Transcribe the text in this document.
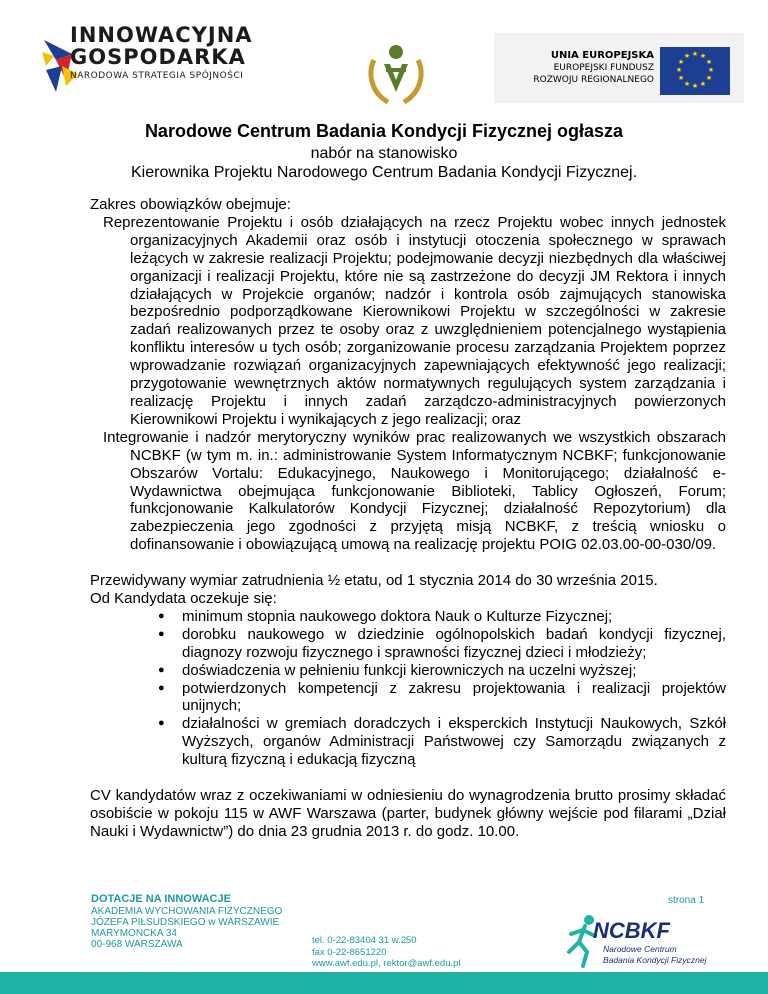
INNOWACYJNA
GOSPODARKA
NARODOWA STRATEGIA SPÓJNOŚCI
UNIA EUROPEJSKA
EUROPEJSKI FUNDUSZ
ROZWOJU REGIONALNEGO
★ ★
★
★
★
★
★
★
★
★
★
★
Narodowe Centrum Badania Kondycji Fizycznej ogłasza
nabór na stanowisko
Kierownika Projektu Narodowego Centrum Badania Kondycji Fizycznej.

Zakres obowiązków obejmuje:

Reprezentowanie Projektu i osób działających na rzecz Projektu wobec innych jednostek organizacyjnych Akademii oraz osób i instytucji otoczenia społecznego w sprawach leżących w zakresie realizacji Projektu; podejmowanie decyzji niezbędnych dla właściwej organizacji i realizacji Projektu, które nie są zastrzeżone do decyzji JM Rektora i innych działających w Projekcie organów; nadzór i kontrola osób zajmujących stanowiska bezpośrednio podporządkowane Kierownikowi Projektu w szczególności w zakresie zadań realizowanych przez te osoby oraz z uwzględnieniem potencjalnego wystąpienia konfliktu interesów u tych osób; zorganizowanie procesu zarządzania Projektem poprzez wprowadzanie rozwiązań organizacyjnych zapewniających efektywność jego realizacji; przygotowanie wewnętrznych aktów normatywnych regulujących system zarządzania i realizację Projektu i innych zadań zarządczo-administracyjnych powierzonych Kierownikowi Projektu i wynikających z jego realizacji; oraz

Integrowanie i nadzór merytoryczny wyników prac realizowanych we wszystkich obszarach NCBKF (w tym m. in.: administrowanie System Informatycznym NCBKF; funkcjonowanie Obszarów Vortalu: Edukacyjnego, Naukowego i Monitorującego; działalność e-Wydawnictwa obejmująca funkcjonowanie Biblioteki, Tablicy Ogłoszeń, Forum; funkcjonowanie Kalkulatorów Kondycji Fizycznej; działalność Repozytorium) dla zabezpieczenia jego zgodności z przyjętą misją NCBKF, z treścią wniosku o dofinansowanie i obowiązującą umową na realizację projektu POIG 02.03.00-00-030/09.

Przewidywany wymiar zatrudnienia ½ etatu, od 1 stycznia 2014 do 30 września 2015.

Od Kandydata oczekuje się:

● minimum stopnia naukowego doktora Nauk o Kulturze Fizycznej;
● dorobku naukowego w dziedzinie ogólnopolskich badań kondycji fizycznej, diagnozy rozwoju fizycznego i sprawności fizycznej dzieci i młodzieży;
● doświadczenia w pełnieniu funkcji kierowniczych na uczelni wyższej;
● potwierdzonych kompetencji z zakresu projektowania i realizacji projektów unijnych;
● działalności w gremiach doradczych i eksperckich Instytucji Naukowych, Szkół Wyższych, organów Administracji Państwowej czy Samorządu związanych z kulturą fizyczną i edukacją fizyczną

CV kandydatów wraz z oczekiwaniami w odniesieniu do wynagrodzenia brutto prosimy składać osobiście w pokoju 115 w AWF Warszawa (parter, budynek główny wejście pod filarami „Dział Nauki i Wydawnictw”) do dnia 23 grudnia 2013 r. do godz. 10.00.

DOTACJE NA INNOWACJE
AKADEMIA WYCHOWANIA FIZYCZNEGO
JÓZEFA PIŁSUDSKIEGO w WARSZAWIE
MARYMONCKA 34
00-968 WARSZAWA	tel. 0-22-83404 31 w.250
fax 0-22-8651220
www.awf.edu.pl, rektor@awf.edu.pl
strona 1
NCBKF
Narodowe Centrum
Badania Kondycji Fizycznej
